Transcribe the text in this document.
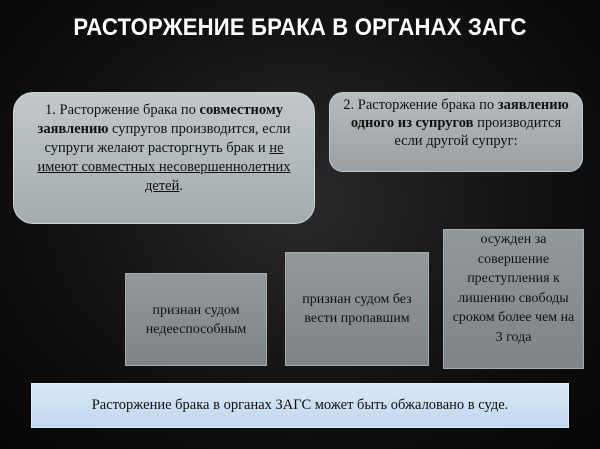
РАСТОРЖЕНИЕ БРАКА В ОРГАНАХ ЗАГС
1. Расторжение брака по совместному заявлению супругов производится, если супруги желают расторгнуть брак и не имеют совместных несовершеннолетних детей.
2. Расторжение брака по заявлению одного из супругов производится если другой супруг:
признан судом недееспособным
признан судом без вести пропавшим
осужден за совершение преступления к лишению свободы сроком более чем на 3 года
Расторжение брака в органах ЗАГС может быть обжаловано в суде.
